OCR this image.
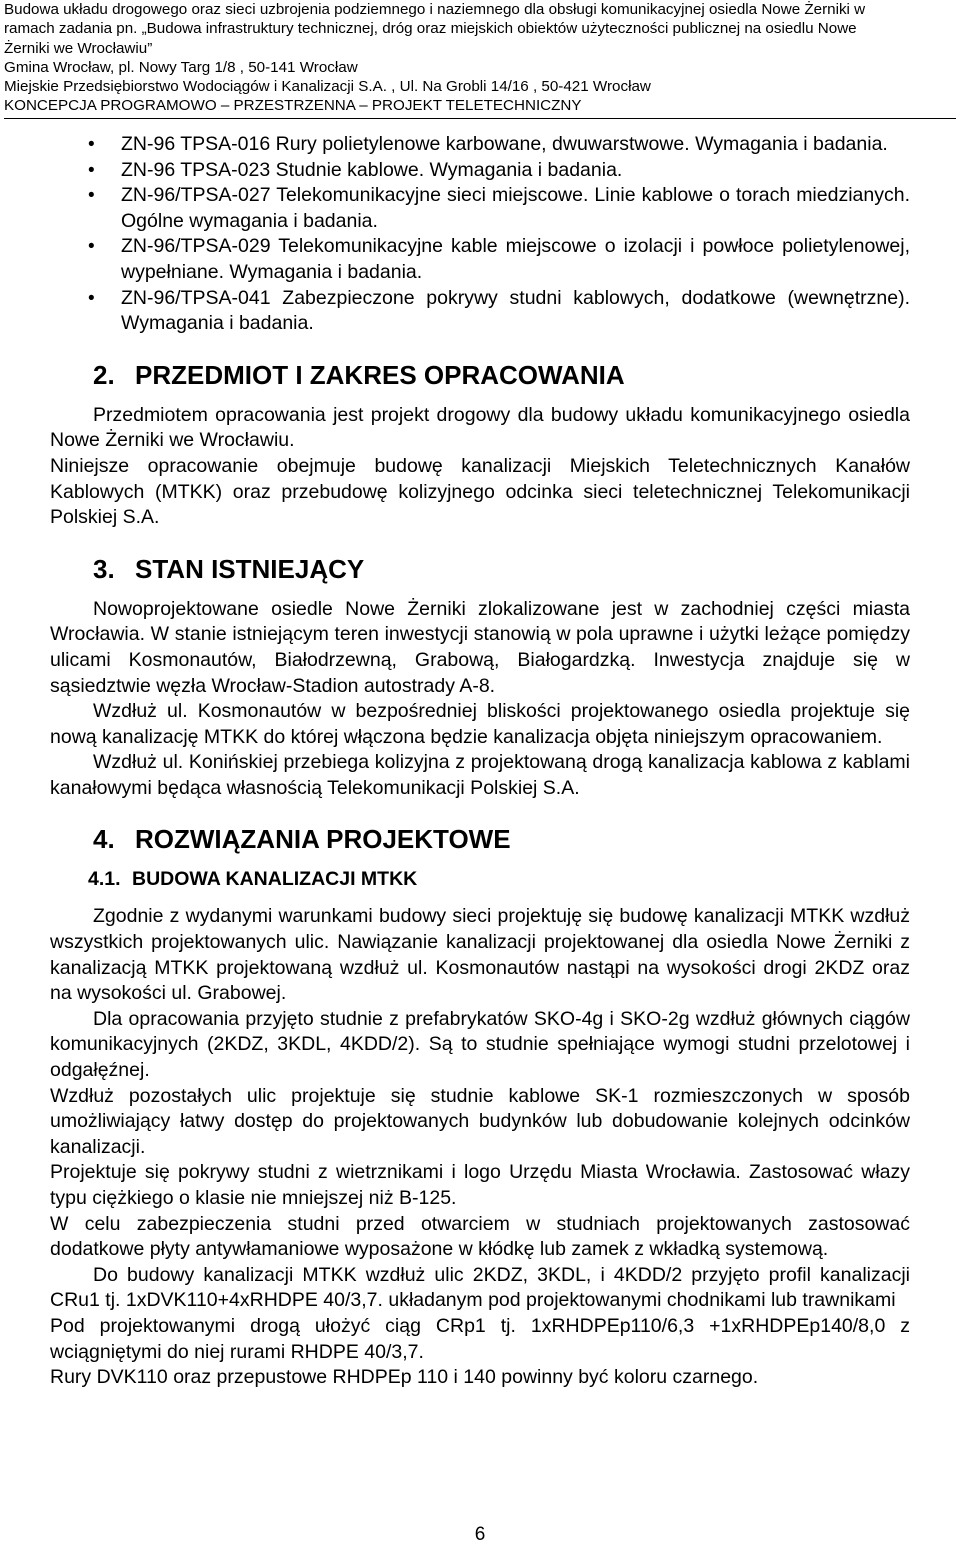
Budowa układu drogowego oraz sieci uzbrojenia podziemnego i naziemnego dla obsługi komunikacyjnej osiedla Nowe Żerniki w
ramach zadania pn. „Budowa infrastruktury technicznej, dróg oraz miejskich obiektów użyteczności publicznej na osiedlu Nowe
Żerniki we Wrocławiu”
Gmina Wrocław, pl. Nowy Targ 1/8 , 50-141 Wrocław
Miejskie Przedsiębiorstwo Wodociągów i Kanalizacji S.A. , Ul. Na Grobli 14/16 , 50-421 Wrocław
KONCEPCJA PROGRAMOWO – PRZESTRZENNA – PROJEKT TELETECHNICZNY
• ZN-96 TPSA-016 Rury polietylenowe karbowane, dwuwarstwowe. Wymagania i badania.
• ZN-96 TPSA-023 Studnie kablowe. Wymagania i badania.
• ZN-96/TPSA-027 Telekomunikacyjne sieci miejscowe. Linie kablowe o torach miedzianych. Ogólne wymagania i badania.
• ZN-96/TPSA-029 Telekomunikacyjne kable miejscowe o izolacji i powłoce polietylenowej, wypełniane. Wymagania i badania.
• ZN-96/TPSA-041 Zabezpieczone pokrywy studni kablowych, dodatkowe (wewnętrzne). Wymagania i badania.
2. PRZEDMIOT I ZAKRES OPRACOWANIA

Przedmiotem opracowania jest projekt drogowy dla budowy układu komunikacyjnego osiedla Nowe Żerniki we Wrocławiu.

Niniejsze opracowanie obejmuje budowę kanalizacji Miejskich Teletechnicznych Kanałów Kablowych (MTKK) oraz przebudowę kolizyjnego odcinka sieci teletechnicznej Telekomunikacji Polskiej S.A.

3. STAN ISTNIEJĄCY

Nowoprojektowane osiedle Nowe Żerniki zlokalizowane jest w zachodniej części miasta Wrocławia. W stanie istniejącym teren inwestycji stanowią w pola uprawne i użytki leżące pomiędzy ulicami Kosmonautów, Białodrzewną, Grabową, Białogardzką. Inwestycja znajduje się w sąsiedztwie węzła Wrocław-Stadion autostrady A-8.

Wzdłuż ul. Kosmonautów w bezpośredniej bliskości projektowanego osiedla projektuje się nową kanalizację MTKK do której włączona będzie kanalizacja objęta niniejszym opracowaniem.

Wzdłuż ul. Konińskiej przebiega kolizyjna z projektowaną drogą kanalizacja kablowa z kablami kanałowymi będąca własnością Telekomunikacji Polskiej S.A.

4. ROZWIĄZANIA PROJEKTOWE
4.1. BUDOWA KANALIZACJI MTKK

Zgodnie z wydanymi warunkami budowy sieci projektuję się budowę kanalizacji MTKK wzdłuż wszystkich projektowanych ulic. Nawiązanie kanalizacji projektowanej dla osiedla Nowe Żerniki z kanalizacją MTKK projektowaną wzdłuż ul. Kosmonautów nastąpi na wysokości drogi 2KDZ oraz na wysokości ul. Grabowej.

Dla opracowania przyjęto studnie z prefabrykatów SKO-4g i SKO-2g wzdłuż głównych ciągów komunikacyjnych (2KDZ, 3KDL, 4KDD/2). Są to studnie spełniające wymogi studni przelotowej i odgałęźnej.

Wzdłuż pozostałych ulic projektuje się studnie kablowe SK-1 rozmieszczonych w sposób umożliwiający łatwy dostęp do projektowanych budynków lub dobudowanie kolejnych odcinków kanalizacji.

Projektuje się pokrywy studni z wietrznikami i logo Urzędu Miasta Wrocławia. Zastosować włazy typu ciężkiego o klasie nie mniejszej niż B-125.

W celu zabezpieczenia studni przed otwarciem w studniach projektowanych zastosować dodatkowe płyty antywłamaniowe wyposażone w kłódkę lub zamek z wkładką systemową.

Do budowy kanalizacji MTKK wzdłuż ulic 2KDZ, 3KDL, i 4KDD/2 przyjęto profil kanalizacji CRu1 tj. 1xDVK110+4xRHDPE 40/3,7. układanym pod projektowanymi chodnikami lub trawnikami

Pod projektowanymi drogą ułożyć ciąg CRp1 tj. 1xRHDPEp110/6,3 +1xRHDPEp140/8,0 z wciągniętymi do niej rurami RHDPE 40/3,7.

Rury DVK110 oraz przepustowe RHDPEp 110 i 140 powinny być koloru czarnego.

6
